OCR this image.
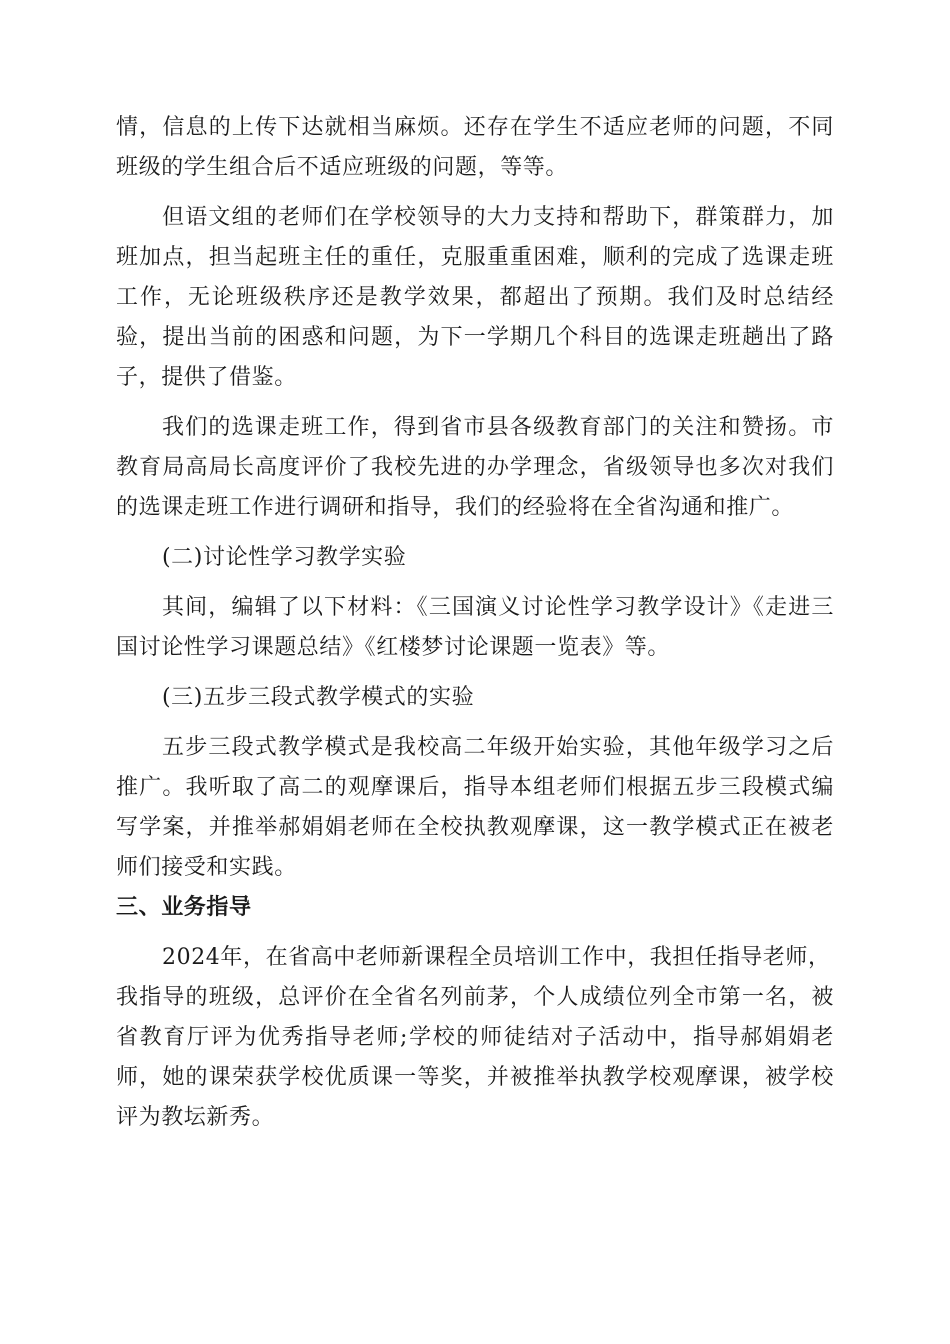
情，信息的上传下达就相当麻烦。还存在学生不适应老师的问题，不同班级的学生组合后不适应班级的问题，等等。

但语文组的老师们在学校领导的大力支持和帮助下，群策群力，加班加点，担当起班主任的重任，克服重重困难，顺利的完成了选课走班工作，无论班级秩序还是教学效果，都超出了预期。我们及时总结经验，提出当前的困惑和问题，为下一学期几个科目的选课走班趟出了路子，提供了借鉴。

我们的选课走班工作，得到省市县各级教育部门的关注和赞扬。市教育局高局长高度评价了我校先进的办学理念，省级领导也多次对我们的选课走班工作进行调研和指导，我们的经验将在全省沟通和推广。

(二)讨论性学习教学实验

其间，编辑了以下材料：《三国演义讨论性学习教学设计》《走进三国讨论性学习课题总结》《红楼梦讨论课题一览表》等。

(三)五步三段式教学模式的实验

五步三段式教学模式是我校高二年级开始实验，其他年级学习之后推广。我听取了高二的观摩课后，指导本组老师们根据五步三段模式编写学案，并推举郝娟娟老师在全校执教观摩课，这一教学模式正在被老师们接受和实践。

三、业务指导

2024年，在省高中老师新课程全员培训工作中，我担任指导老师，

我指导的班级，总评价在全省名列前茅，个人成绩位列全市第一名，被省教育厅评为优秀指导老师;学校的师徒结对子活动中，指导郝娟娟老师，她的课荣获学校优质课一等奖，并被推举执教学校观摩课，被学校评为教坛新秀。
